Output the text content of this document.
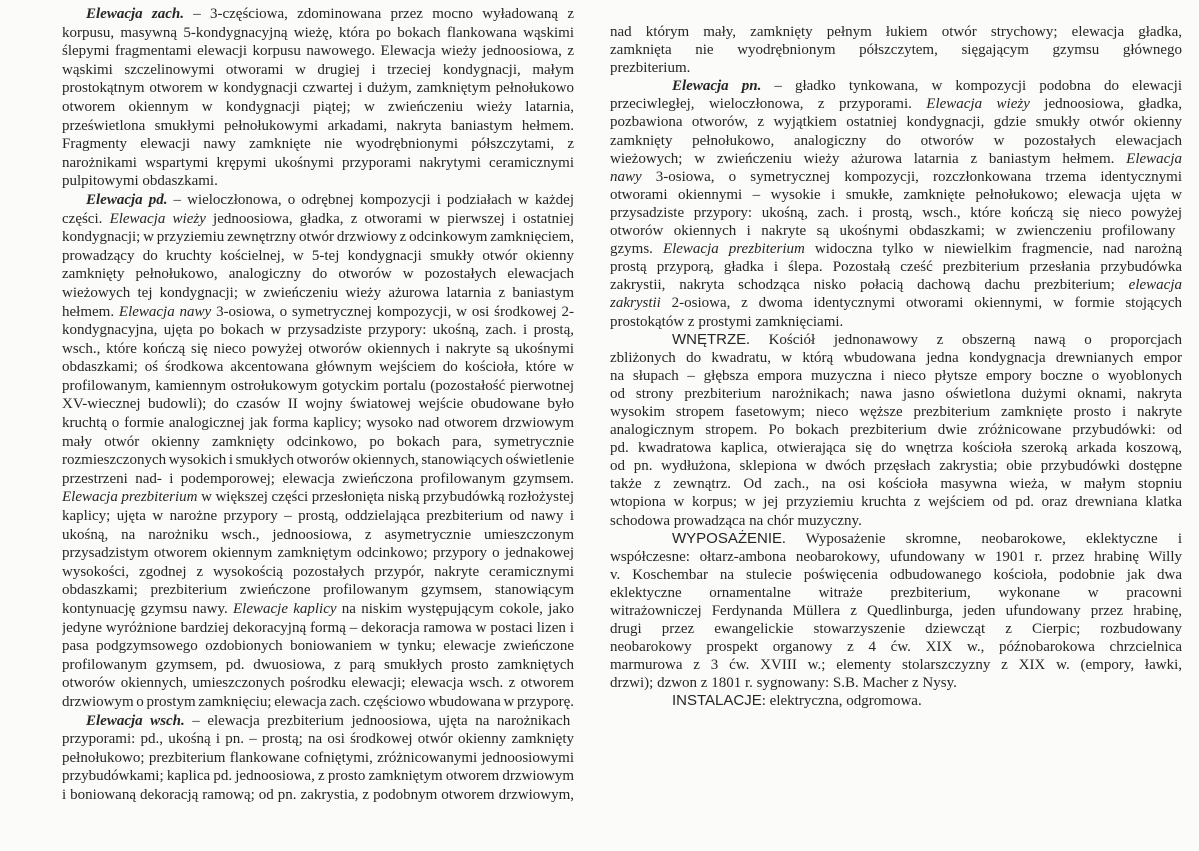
Elewacja zach. – 3-częściowa, zdominowana przez mocno wyładowaną z
korpusu, masywną 5-kondygnacyjną wieżę, która po bokach flankowana wąskimi
ślepymi fragmentami elewacji korpusu nawowego. Elewacja wieży jednoosiowa, z
wąskimi szczelinowymi otworami w drugiej i trzeciej kondygnacji, małym
prostokątnym otworem w kondygnacji czwartej i dużym, zamkniętym pełnołukowo
otworem okiennym w kondygnacji piątej; w zwieńczeniu wieży latarnia,
prześwietlona smukłymi pełnołukowymi arkadami, nakryta baniastym hełmem.
Fragmenty elewacji nawy zamknięte nie wyodrębnionymi półszczytami, z
narożnikami wspartymi krępymi ukośnymi przyporami nakrytymi ceramicznymi
pulpitowymi obdaszkami.
Elewacja pd. – wieloczłonowa, o odrębnej kompozycji i podziałach w każdej
części. Elewacja wieży jednoosiowa, gładka, z otworami w pierwszej i ostatniej
kondygnacji; w przyziemiu zewnętrzny otwór drzwiowy z odcinkowym zamknięciem,
prowadzący do kruchty kościelnej, w 5-tej kondygnacji smukły otwór okienny
zamknięty pełnołukowo, analogiczny do otworów w pozostałych elewacjach
wieżowych tej kondygnacji; w zwieńczeniu wieży ażurowa latarnia z baniastym
hełmem. Elewacja nawy 3-osiowa, o symetrycznej kompozycji, w osi środkowej 2-
kondygnacyjna, ujęta po bokach w przysadziste przypory: ukośną, zach. i prostą,
wsch., które kończą się nieco powyżej otworów okiennych i nakryte są ukośnymi
obdaszkami; oś środkowa akcentowana głównym wejściem do kościoła, które w
profilowanym, kamiennym ostrołukowym gotyckim portalu (pozostałość pierwotnej
XV-wiecznej budowli); do czasów II wojny światowej wejście obudowane było
kruchtą o formie analogicznej jak forma kaplicy; wysoko nad otworem drzwiowym
mały otwór okienny zamknięty odcinkowo, po bokach para, symetrycznie
rozmieszczonych wysokich i smukłych otworów okiennych, stanowiących oświetlenie
przestrzeni nad- i podemporowej; elewacja zwieńczona profilowanym gzymsem.
Elewacja prezbiterium w większej części przesłonięta niską przybudówką rozłożystej
kaplicy; ujęta w narożne przypory – prostą, oddzielająca prezbiterium od nawy i
ukośną, na narożniku wsch., jednoosiowa, z asymetrycznie umieszczonym
przysadzistym otworem okiennym zamkniętym odcinkowo; przypory o jednakowej
wysokości, zgodnej z wysokością pozostałych przypór, nakryte ceramicznymi
obdaszkami; prezbiterium zwieńczone profilowanym gzymsem, stanowiącym
kontynuację gzymsu nawy. Elewacje kaplicy na niskim występującym cokole, jako
jedyne wyróżnione bardziej dekoracyjną formą – dekoracja ramowa w postaci lizen i
pasa podgzymsowego ozdobionych boniowaniem w tynku; elewacje zwieńczone
profilowanym gzymsem, pd. dwuosiowa, z parą smukłych prosto zamkniętych
otworów okiennych, umieszczonych pośrodku elewacji; elewacja wsch. z otworem
drzwiowym o prostym zamknięciu; elewacja zach. częściowo wbudowana w przyporę.
Elewacja wsch. – elewacja prezbiterium jednoosiowa, ujęta na narożnikach
przyporami: pd., ukośną i pn. – prostą; na osi środkowej otwór okienny zamknięty
pełnołukowo; prezbiterium flankowane cofniętymi, zróżnicowanymi jednoosiowymi
przybudówkami; kaplica pd. jednoosiowa, z prosto zamkniętym otworem drzwiowym
i boniowaną dekoracją ramową; od pn. zakrystia, z podobnym otworem drzwiowym,
nad którym mały, zamknięty pełnym łukiem otwór strychowy; elewacja gładka,
zamknięta nie wyodrębnionym półszczytem, sięgającym gzymsu głównego
prezbiterium.
Elewacja pn. – gładko tynkowana, w kompozycji podobna do elewacji
przeciwległej, wieloczłonowa, z przyporami. Elewacja wieży jednoosiowa, gładka,
pozbawiona otworów, z wyjątkiem ostatniej kondygnacji, gdzie smukły otwór okienny
zamknięty pełnołukowo, analogiczny do otworów w pozostałych elewacjach
wieżowych; w zwieńczeniu wieży ażurowa latarnia z baniastym hełmem. Elewacja
nawy 3-osiowa, o symetrycznej kompozycji, rozczłonkowana trzema identycznymi
otworami okiennymi – wysokie i smukłe, zamknięte pełnołukowo; elewacja ujęta w
przysadziste przypory: ukośną, zach. i prostą, wsch., które kończą się nieco powyżej
otworów okiennych i nakryte są ukośnymi obdaszkami; w zwienczeniu profilowany
gzyms. Elewacja prezbiterium widoczna tylko w niewielkim fragmencie, nad narożną
prostą przyporą, gładka i ślepa. Pozostałą cześć prezbiterium przesłania przybudówka
zakrystii, nakryta schodząca nisko połacią dachową dachu prezbiterium; elewacja
zakrystii 2-osiowa, z dwoma identycznymi otworami okiennymi, w formie stojących
prostokątów z prostymi zamknięciami.
WNĘTRZE. Kościół jednonawowy z obszerną nawą o proporcjach
zbliżonych do kwadratu, w którą wbudowana jedna kondygnacja drewnianych empor
na słupach – głębsza empora muzyczna i nieco płytsze empory boczne o wyoblonych
od strony prezbiterium narożnikach; nawa jasno oświetlona dużymi oknami, nakryta
wysokim stropem fasetowym; nieco węższe prezbiterium zamknięte prosto i nakryte
analogicznym stropem. Po bokach prezbiterium dwie zróżnicowane przybudówki: od
pd. kwadratowa kaplica, otwierająca się do wnętrza kościoła szeroką arkada koszową,
od pn. wydłużona, sklepiona w dwóch przęsłach zakrystia; obie przybudówki dostępne
także z zewnątrz. Od zach., na osi kościoła masywna wieża, w małym stopniu
wtopiona w korpus; w jej przyziemiu kruchta z wejściem od pd. oraz drewniana klatka
schodowa prowadząca na chór muzyczny.
WYPOSAŻENIE. Wyposażenie skromne, neobarokowe, eklektyczne i
współczesne: ołtarz-ambona neobarokowy, ufundowany w 1901 r. przez hrabinę Willy
v. Koschembar na stulecie poświęcenia odbudowanego kościoła, podobnie jak dwa
eklektyczne ornamentalne witraże prezbiterium, wykonane w pracowni
witrażowniczej Ferdynanda Müllera z Quedlinburga, jeden ufundowany przez hrabinę,
drugi przez ewangelickie stowarzyszenie dziewcząt z Cierpic; rozbudowany
neobarokowy prospekt organowy z 4 ćw. XIX w., późnobarokowa chrzcielnica
marmurowa z 3 ćw. XVIII w.; elementy stolarszczyzny z XIX w. (empory, ławki,
drzwi); dzwon z 1801 r. sygnowany: S.B. Macher z Nysy.
INSTALACJE: elektryczna, odgromowa.
